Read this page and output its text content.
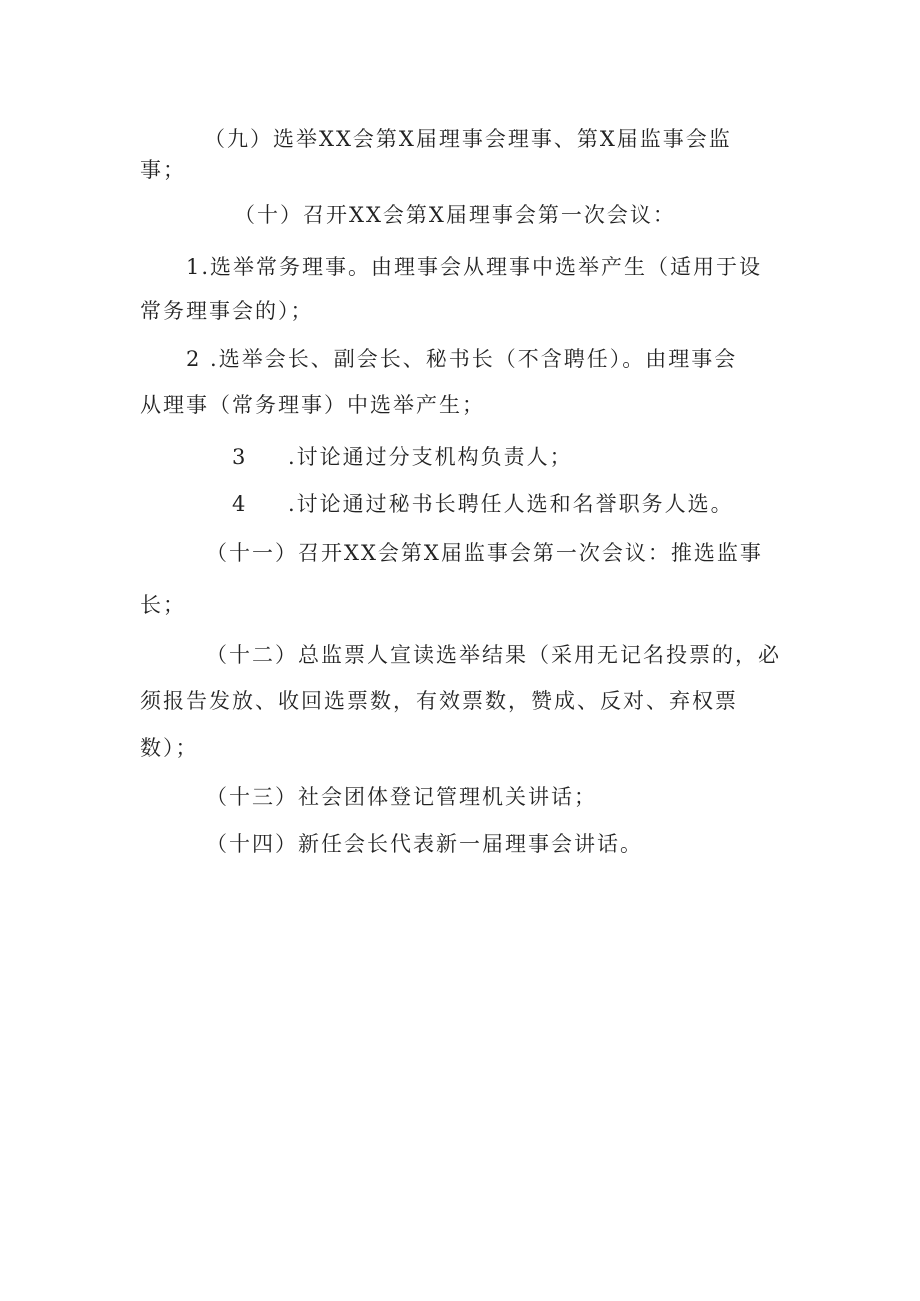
（九）选举XX会第X届理事会理事、第X届监事会监
事；
（十）召开XX会第X届理事会第一次会议：
1.选举常务理事。由理事会从理事中选举产生（适用于设
常务理事会的）；
2 .选举会长、副会长、秘书长（不含聘任）。由理事会
从理事（常务理事）中选举产生；
3 .讨论通过分支机构负责人；
4 .讨论通过秘书长聘任人选和名誉职务人选。
（十一）召开XX会第X届监事会第一次会议：推选监事
长；
（十二）总监票人宣读选举结果（采用无记名投票的，必
须报告发放、收回选票数，有效票数，赞成、反对、弃权票
数）；
（十三）社会团体登记管理机关讲话；
（十四）新任会长代表新一届理事会讲话。
